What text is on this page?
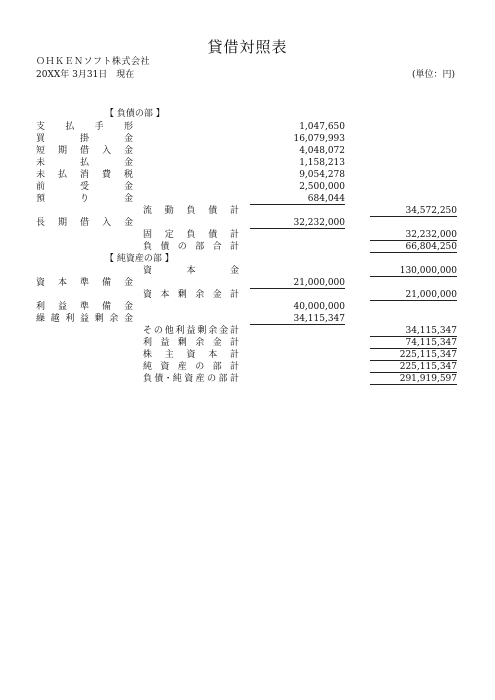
貸借対照表
ＯＨＫＥＮソフト株式会社
20XX年 3月31日　現在	(単位：円)
【 負債の部 】
支払手形	1,047,650
買掛金	16,079,993
短期借入金	4,048,072
未払金	1,158,213
未払消費税	9,054,278
前受金	2,500,000
預り金	684,044
流動負債計	34,572,250
長期借入金	32,232,000
固定負債計	32,232,000
負債の部合計	66,804,250
【 純資産の部 】
資本金	130,000,000
資本準備金	21,000,000
資本剰余金計	21,000,000
利益準備金	40,000,000
繰越利益剰余金	34,115,347
その他利益剰余金計	34,115,347
利益剰余金計	74,115,347
株主資本計	225,115,347
純資産の部計	225,115,347
負債･純資産の部計	291,919,597
